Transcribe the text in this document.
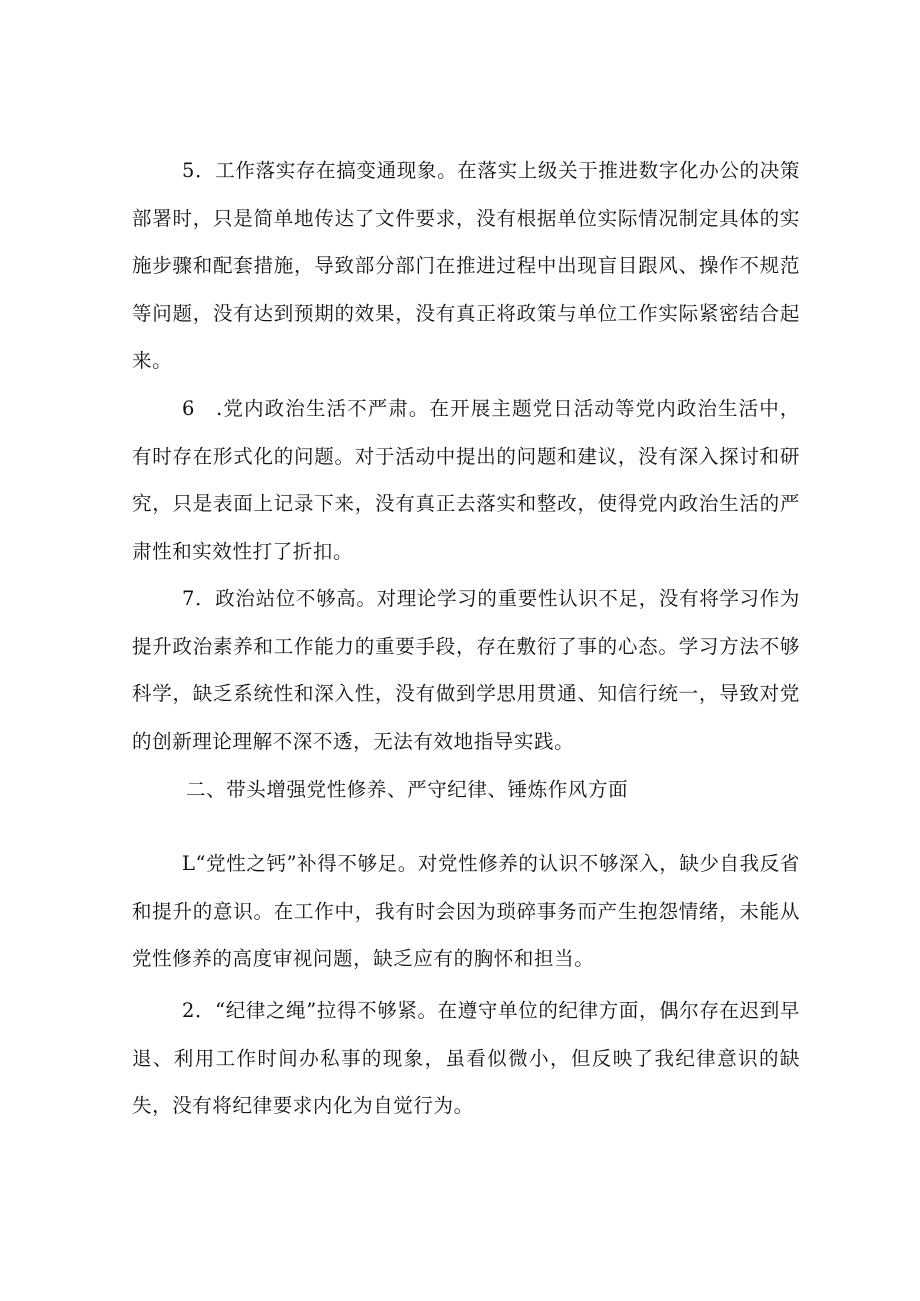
5．工作落实存在搞变通现象。在落实上级关于推进数字化办公的决策部署时，只是简单地传达了文件要求，没有根据单位实际情况制定具体的实施步骤和配套措施，导致部分部门在推进过程中出现盲目跟风、操作不规范等问题，没有达到预期的效果，没有真正将政策与单位工作实际紧密结合起来。

6　.党内政治生活不严肃。在开展主题党日活动等党内政治生活中，有时存在形式化的问题。对于活动中提出的问题和建议，没有深入探讨和研究，只是表面上记录下来，没有真正去落实和整改，使得党内政治生活的严肃性和实效性打了折扣。

7．政治站位不够高。对理论学习的重要性认识不足，没有将学习作为提升政治素养和工作能力的重要手段，存在敷衍了事的心态。学习方法不够科学，缺乏系统性和深入性，没有做到学思用贯通、知信行统一，导致对党的创新理论理解不深不透，无法有效地指导实践。

二、带头增强党性修养、严守纪律、锤炼作风方面

L“党性之钙”补得不够足。对党性修养的认识不够深入，缺少自我反省和提升的意识。在工作中，我有时会因为琐碎事务而产生抱怨情绪，未能从党性修养的高度审视问题，缺乏应有的胸怀和担当。

2．“纪律之绳”拉得不够紧。在遵守单位的纪律方面，偶尔存在迟到早退、利用工作时间办私事的现象，虽看似微小，但反映了我纪律意识的缺失，没有将纪律要求内化为自觉行为。
